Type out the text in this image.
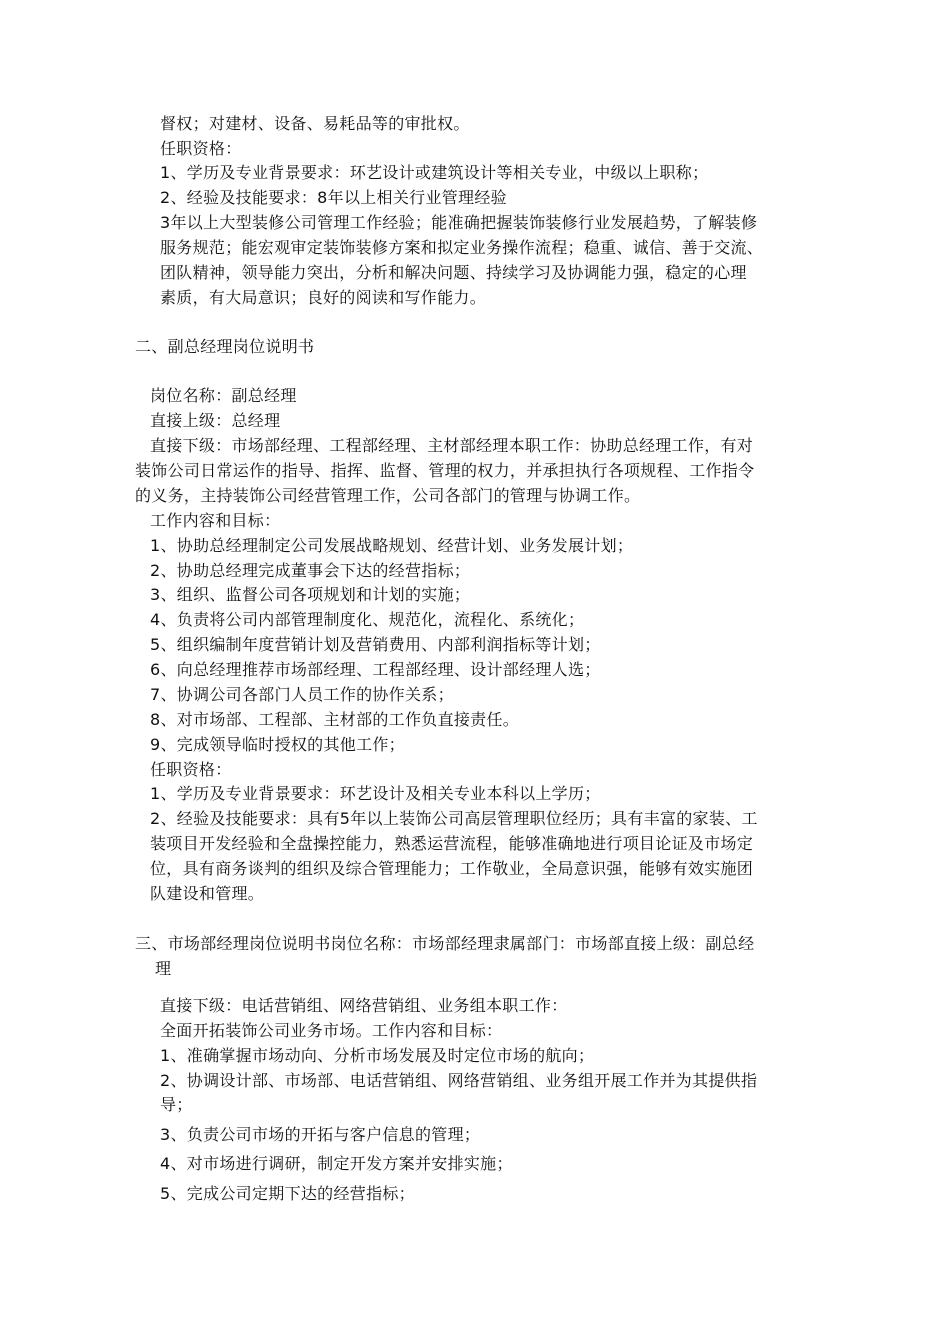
督权；对建材、设备、易耗品等的审批权。
任职资格：
1、学历及专业背景要求：环艺设计或建筑设计等相关专业，中级以上职称；
2、经验及技能要求：8年以上相关行业管理经验
3年以上大型装修公司管理工作经验；能准确把握装饰装修行业发展趋势，了解装修
服务规范；能宏观审定装饰装修方案和拟定业务操作流程；稳重、诚信、善于交流、
团队精神，领导能力突出，分析和解决问题、持续学习及协调能力强，稳定的心理
素质，有大局意识；良好的阅读和写作能力。
二、副总经理岗位说明书
岗位名称：副总经理
直接上级：总经理
直接下级：市场部经理、工程部经理、主材部经理本职工作：协助总经理工作，有对
装饰公司日常运作的指导、指挥、监督、管理的权力，并承担执行各项规程、工作指令
的义务，主持装饰公司经营管理工作，公司各部门的管理与协调工作。
工作内容和目标：
1、协助总经理制定公司发展战略规划、经营计划、业务发展计划；
2、协助总经理完成董事会下达的经营指标；
3、组织、监督公司各项规划和计划的实施；
4、负责将公司内部管理制度化、规范化，流程化、系统化；
5、组织编制年度营销计划及营销费用、内部利润指标等计划；
6、向总经理推荐市场部经理、工程部经理、设计部经理人选；
7、协调公司各部门人员工作的协作关系；
8、对市场部、工程部、主材部的工作负直接责任。
9、完成领导临时授权的其他工作；
任职资格：
1、学历及专业背景要求：环艺设计及相关专业本科以上学历；
2、经验及技能要求：具有5年以上装饰公司高层管理职位经历；具有丰富的家装、工
装项目开发经验和全盘操控能力，熟悉运营流程，能够准确地进行项目论证及市场定
位，具有商务谈判的组织及综合管理能力；工作敬业，全局意识强，能够有效实施团
队建设和管理。
三、市场部经理岗位说明书岗位名称：市场部经理隶属部门：市场部直接上级：副总经
理
直接下级：电话营销组、网络营销组、业务组本职工作：
全面开拓装饰公司业务市场。工作内容和目标：
1、准确掌握市场动向、分析市场发展及时定位市场的航向；
2、协调设计部、市场部、电话营销组、网络营销组、业务组开展工作并为其提供指
导；
3、负责公司市场的开拓与客户信息的管理；
4、对市场进行调研，制定开发方案并安排实施；
5、完成公司定期下达的经营指标；
